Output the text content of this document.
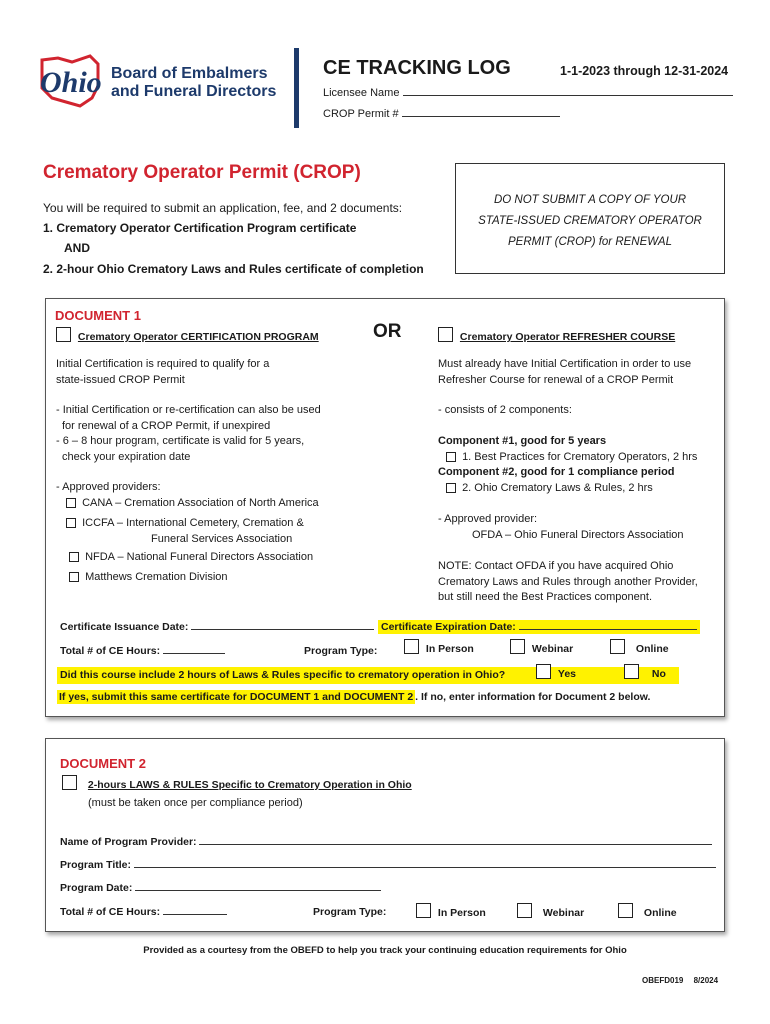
Ohio Board of Embalmers
and Funeral Directors
CE TRACKING LOG	1-1-2023 through 12-31-2024
Licensee Name
CROP Permit #
Crematory Operator Permit (CROP)
You will be required to submit an application, fee, and 2 documents:
1. Crematory Operator Certification Program certificate
AND
2. 2-hour Ohio Crematory Laws and Rules certificate of completion
DO NOT SUBMIT A COPY OF YOUR
STATE-ISSUED CREMATORY OPERATOR
PERMIT (CROP) for RENEWAL
DOCUMENT 1
OR
Crematory Operator CERTIFICATION PROGRAM

Initial Certification is required to qualify for a

state-issued CROP Permit

- Initial Certification or re-certification can also be used

for renewal of a CROP Permit, if unexpired

- 6 – 8 hour program, certificate is valid for 5 years,

check your expiration date

- Approved providers:

CANA – Cremation Association of North America
ICCFA – International Cemetery, Cremation &
Funeral Services Association
NFDA – National Funeral Directors Association
Matthews Cremation Division
Crematory Operator REFRESHER COURSE

Must already have Initial Certification in order to use

Refresher Course for renewal of a CROP Permit

- consists of 2 components:

Component #1, good for 5 years

1. Best Practices for Crematory Operators, 2 hrs
Component #2, good for 1 compliance period
2. Ohio Crematory Laws & Rules, 2 hrs

- Approved provider:

OFDA – Ohio Funeral Directors Association

NOTE: Contact OFDA if you have acquired Ohio

Crematory Laws and Rules through another Provider,

but still need the Best Practices component.

Certificate Issuance Date:	Certificate Expiration Date:
Total # of CE Hours:	Program Type:	In Person	Webinar	Online
Did this course include 2 hours of Laws & Rules specific to crematory operation in Ohio?	Yes	No
If yes, submit this same certificate for DOCUMENT 1 and DOCUMENT 2 . If no, enter information for Document 2 below.
DOCUMENT 2
2-hours LAWS & RULES Specific to Crematory Operation in Ohio
(must be taken once per compliance period)
Name of Program Provider:
Program Title:
Program Date:
Total # of CE Hours:	Program Type:	In Person	Webinar	Online
Provided as a courtesy from the OBEFD to help you track your continuing education requirements for Ohio
OBEFD019 8/2024
